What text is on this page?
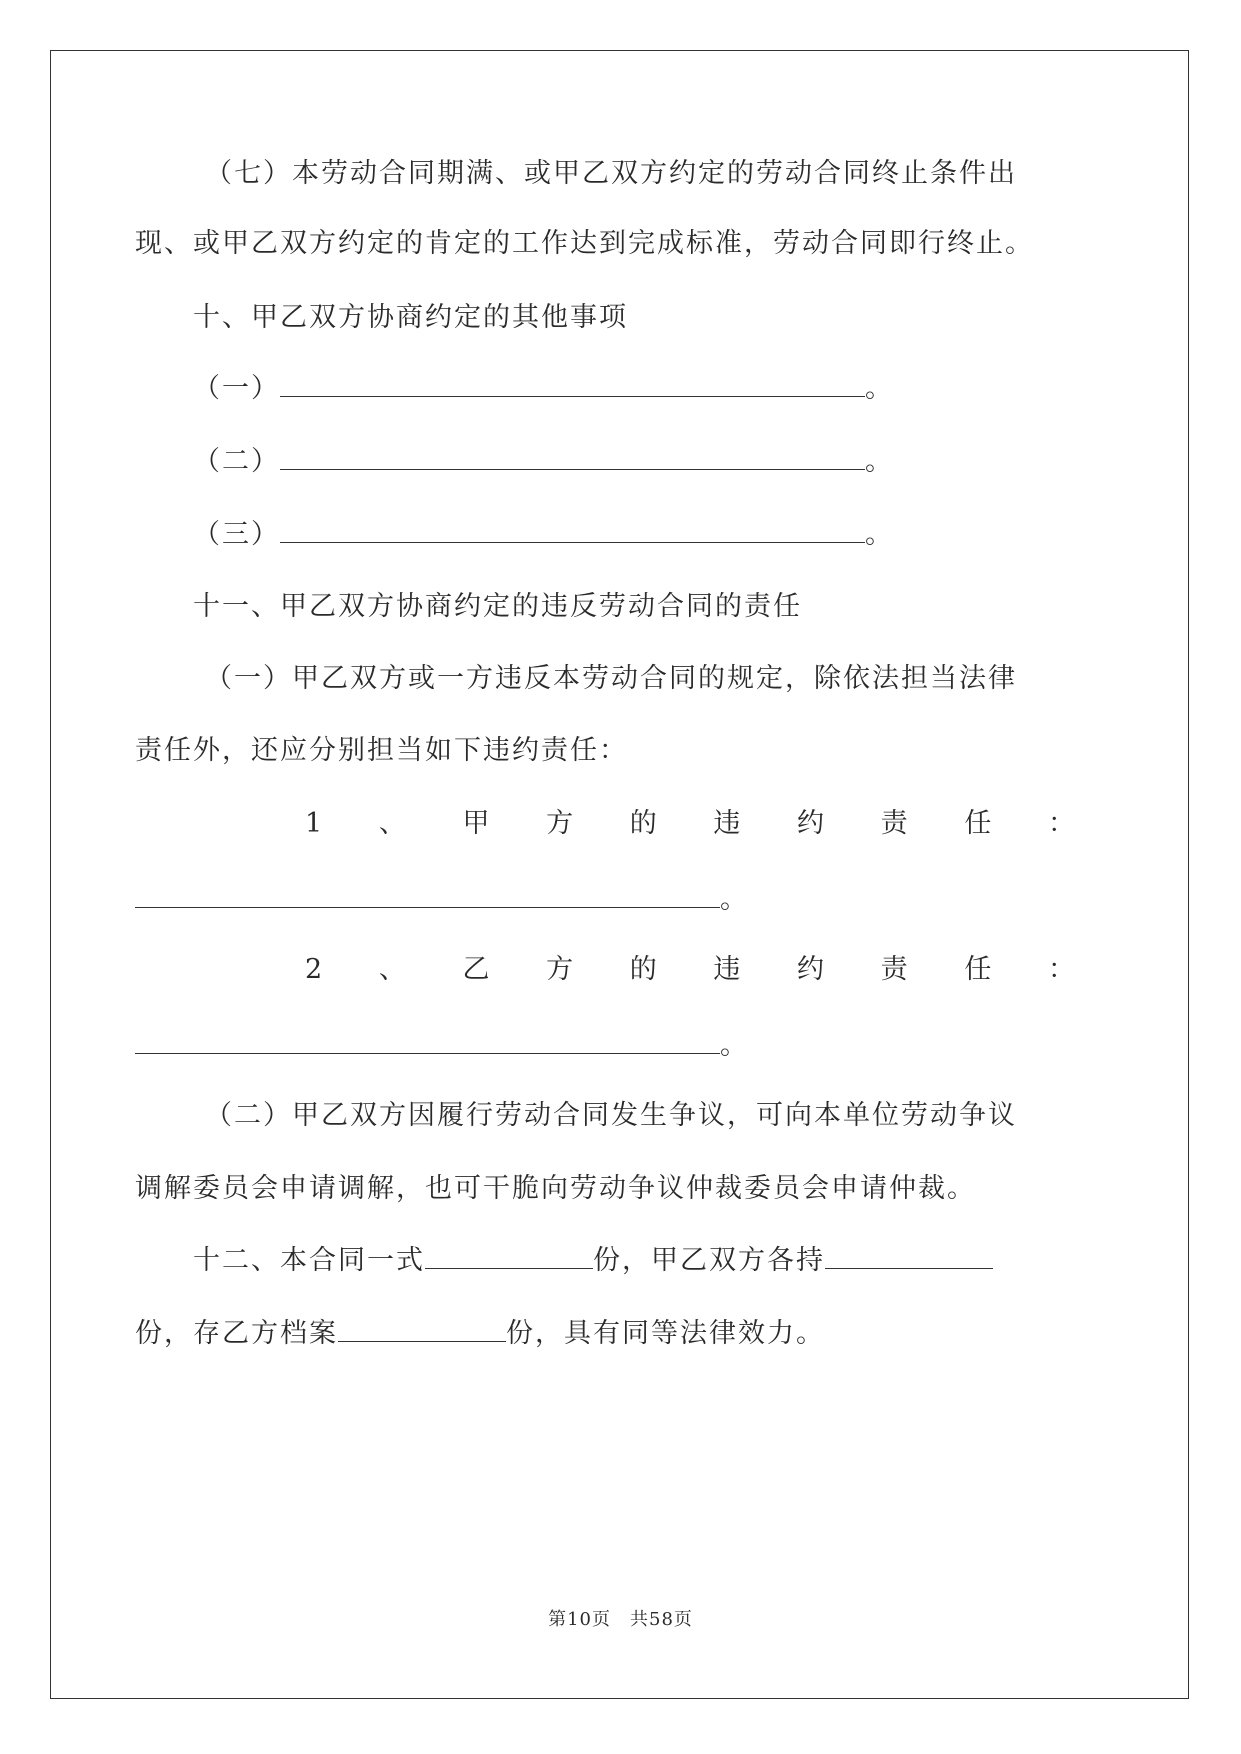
（七）本劳动合同期满、或甲乙双方约定的劳动合同终止条件出
现、或甲乙双方约定的肯定的工作达到完成标准，劳动合同即行终止。
十、甲乙双方协商约定的其他事项
（一）	。
（二）	。
（三）	。
十一、甲乙双方协商约定的违反劳动合同的责任
（一）甲乙双方或一方违反本劳动合同的规定，除依法担当法律
责任外，还应分别担当如下违约责任：
1 、 甲 方 的 违 约 责 任 ：
。
2 、 乙 方 的 违 约 责 任 ：
。
（二）甲乙双方因履行劳动合同发生争议，可向本单位劳动争议
调解委员会申请调解，也可干脆向劳动争议仲裁委员会申请仲裁。
十二、本合同一式	份，甲乙双方各持
份，存乙方档案	份，具有同等法律效力。
第10页　共58页
